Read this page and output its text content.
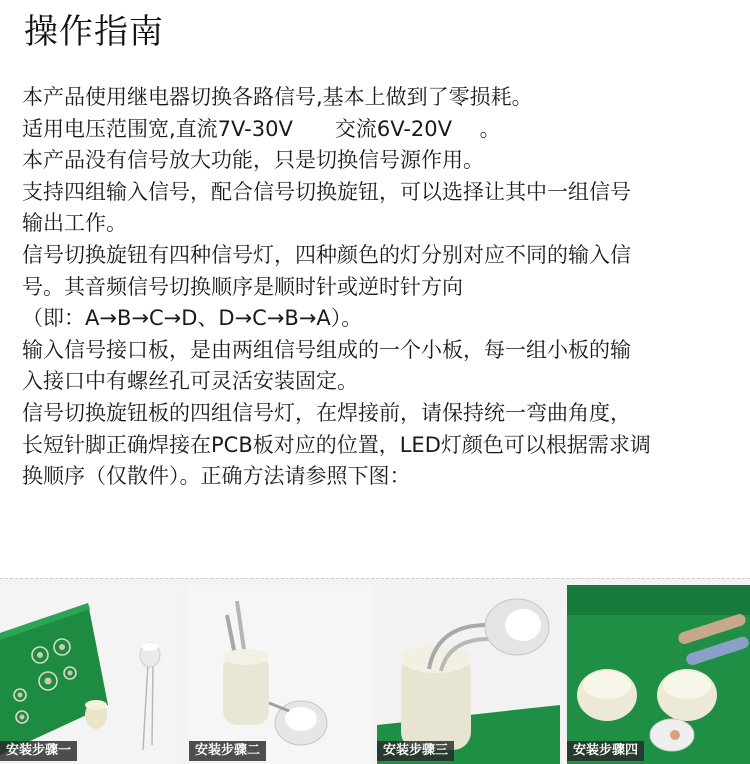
操作指南
本产品使用继电器切换各路信号,基本上做到了零损耗。
适用电压范围宽,直流7V-30V　　交流6V-20V　 。
本产品没有信号放大功能，只是切换信号源作用。
支持四组输入信号，配合信号切换旋钮，可以选择让其中一组信号
输出工作。
信号切换旋钮有四种信号灯，四种颜色的灯分别对应不同的输入信
号。其音频信号切换顺序是顺时针或逆时针方向
（即：A→B→C→D、D→C→B→A）。
输入信号接口板，是由两组信号组成的一个小板，每一组小板的输
入接口中有螺丝孔可灵活安装固定。
信号切换旋钮板的四组信号灯，在焊接前，请保持统一弯曲角度，
长短针脚正确焊接在PCB板对应的位置，LED灯颜色可以根据需求调
换顺序（仅散件）。正确方法请参照下图：
安装步骤一	安装步骤二	安装步骤三	安装步骤四
